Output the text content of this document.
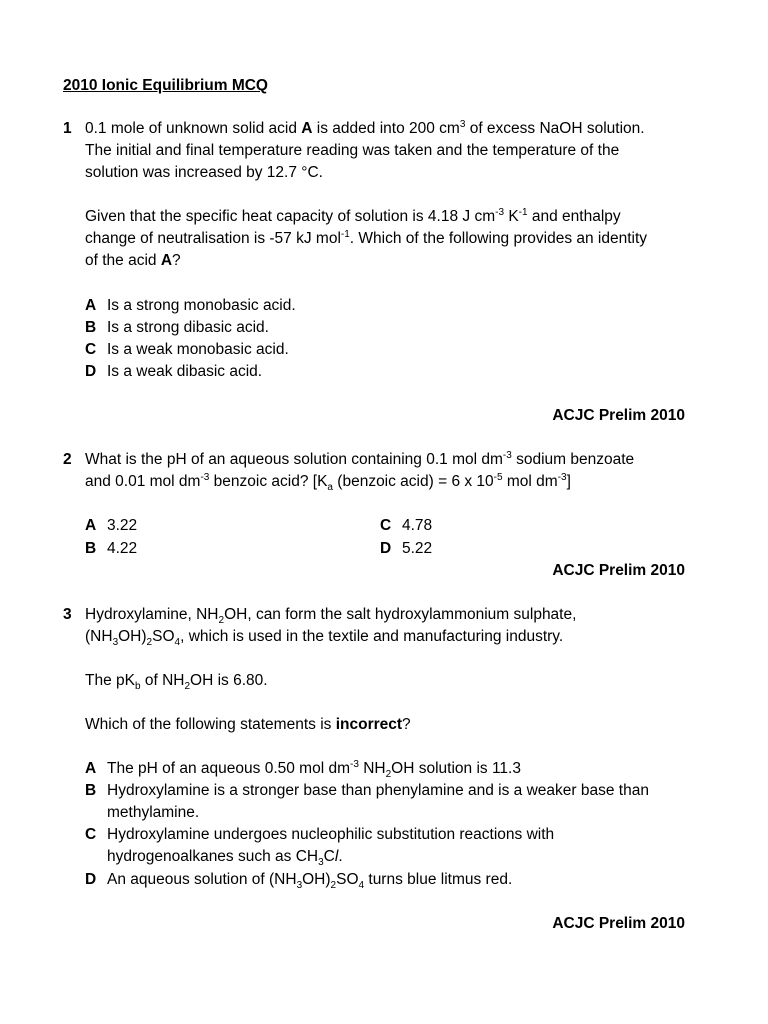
2010 Ionic Equilibrium MCQ
1 0.1 mole of unknown solid acid A is added into 200 $cm^3$ of excess NaOH solution.
The initial and final temperature reading was taken and the temperature of the
solution was increased by 12.7 °C.
Given that the specific heat capacity of solution is 4.18 J $cm^{-3}$ $K^{-1}$ and enthalpy
change of neutralisation is -57 kJ mol$^{-1}$. Which of the following provides an identity
of the acid A?
A Is a strong monobasic acid.
B Is a strong dibasic acid.
C Is a weak monobasic acid.
D Is a weak dibasic acid.
ACJC Prelim 2010
2 What is the pH of an aqueous solution containing 0.1 mol $dm^{-3}$ sodium benzoate
and 0.01 mol $dm^{-3}$ benzoic acid? [$K_a$ (benzoic acid) = 6 x $10^{-5}$ mol $dm^{-3}$]
A 3.22
B 4.22
C 4.78
D 5.22
ACJC Prelim 2010
3 Hydroxylamine, $NH_2OH$, can form the salt hydroxylammonium sulphate,
$(NH_3OH)_2SO_4$, which is used in the textile and manufacturing industry.
The $pK_b$ of $NH_2OH$ is 6.80.
Which of the following statements is incorrect?
A The pH of an aqueous 0.50 mol $dm^{-3}$ $NH_2OH$ solution is 11.3
B Hydroxylamine is a stronger base than phenylamine and is a weaker base than
methylamine.
C Hydroxylamine undergoes nucleophilic substitution reactions with
hydrogenoalkanes such as $CH_3Cl$.
D An aqueous solution of $(NH_3OH)_2SO_4$ turns blue litmus red.
ACJC Prelim 2010
